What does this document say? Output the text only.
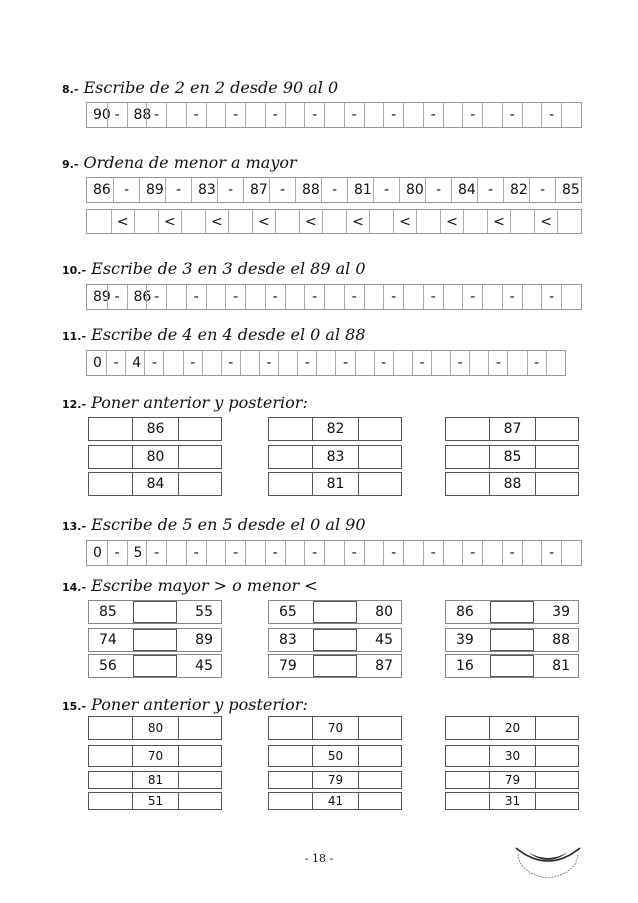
8.- Escribe de 2 en 2 desde 90 al 0
90 - 88 -	-	-	-	-	-	-	-	-	-	-
9.- Ordena de menor a mayor
86 -	89 -	83 -	87 -	88 -	81 -	80 -	84 -	82 -	85
<	<	<	<	<	<	<	<	<	<
10.- Escribe de 3 en 3 desde el 89 al 0
89 - 86 -	-	-	-	-	-	-	-	-	-	-
11.- Escribe de 4 en 4 desde el 0 al 88
0 - 4 -	-	-	-	-	-	-	-	-	-	-
12.- Poner anterior y posterior:
86
80
84
82
83
81
87
85
88
13.- Escribe de 5 en 5 desde el 0 al 90
0 - 5 -	-	-	-	-	-	-	-	-	-	-
14.- Escribe mayor > o menor <
85	55
74	89
56	45
65	80
83	45
79	87
86	39
39	88
16	81
15.- Poner anterior y posterior:
80
70
81
51
70
50
79
41
20
30
79
31
- 18 -
